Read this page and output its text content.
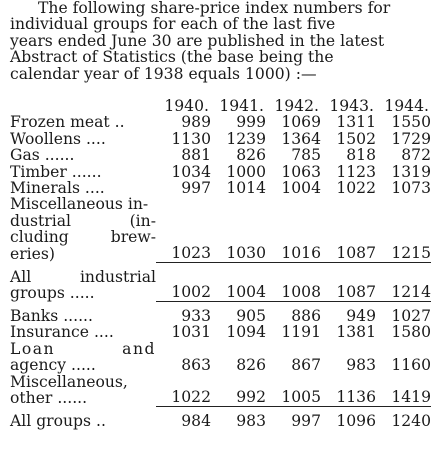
The following share-price index numbers for
individual groups for each of the last five
years ended June 30 are published in the latest
Abstract of Statistics (the base being the
calendar year of 1938 equals 1000) :—

	1940.	1941.	1942.	1943.	1944.
Frozen meat ..	989	999	1069	1311	1550
Woollens ....	1130	1239	1364	1502	1729
Gas ......	881	826	785	818	872
Timber ......	1034	1000	1063	1123	1319
Minerals ....	997	1014	1004	1022	1073
Miscellaneous in-

dustrial (in-
cluding brew-
eries)	1023	1030	1016	1087	1215

All industrial
groups .....	1002	1004	1008	1087	1214

Banks ......	933	905	886	949	1027
Insurance ....	1031	1094	1191	1381	1580

Loan and
agency .....	863	826	867	983	1160
Miscellaneous,
other ......	1022	992	1005	1136	1419

All groups ..	984	983	997	1096	1240
